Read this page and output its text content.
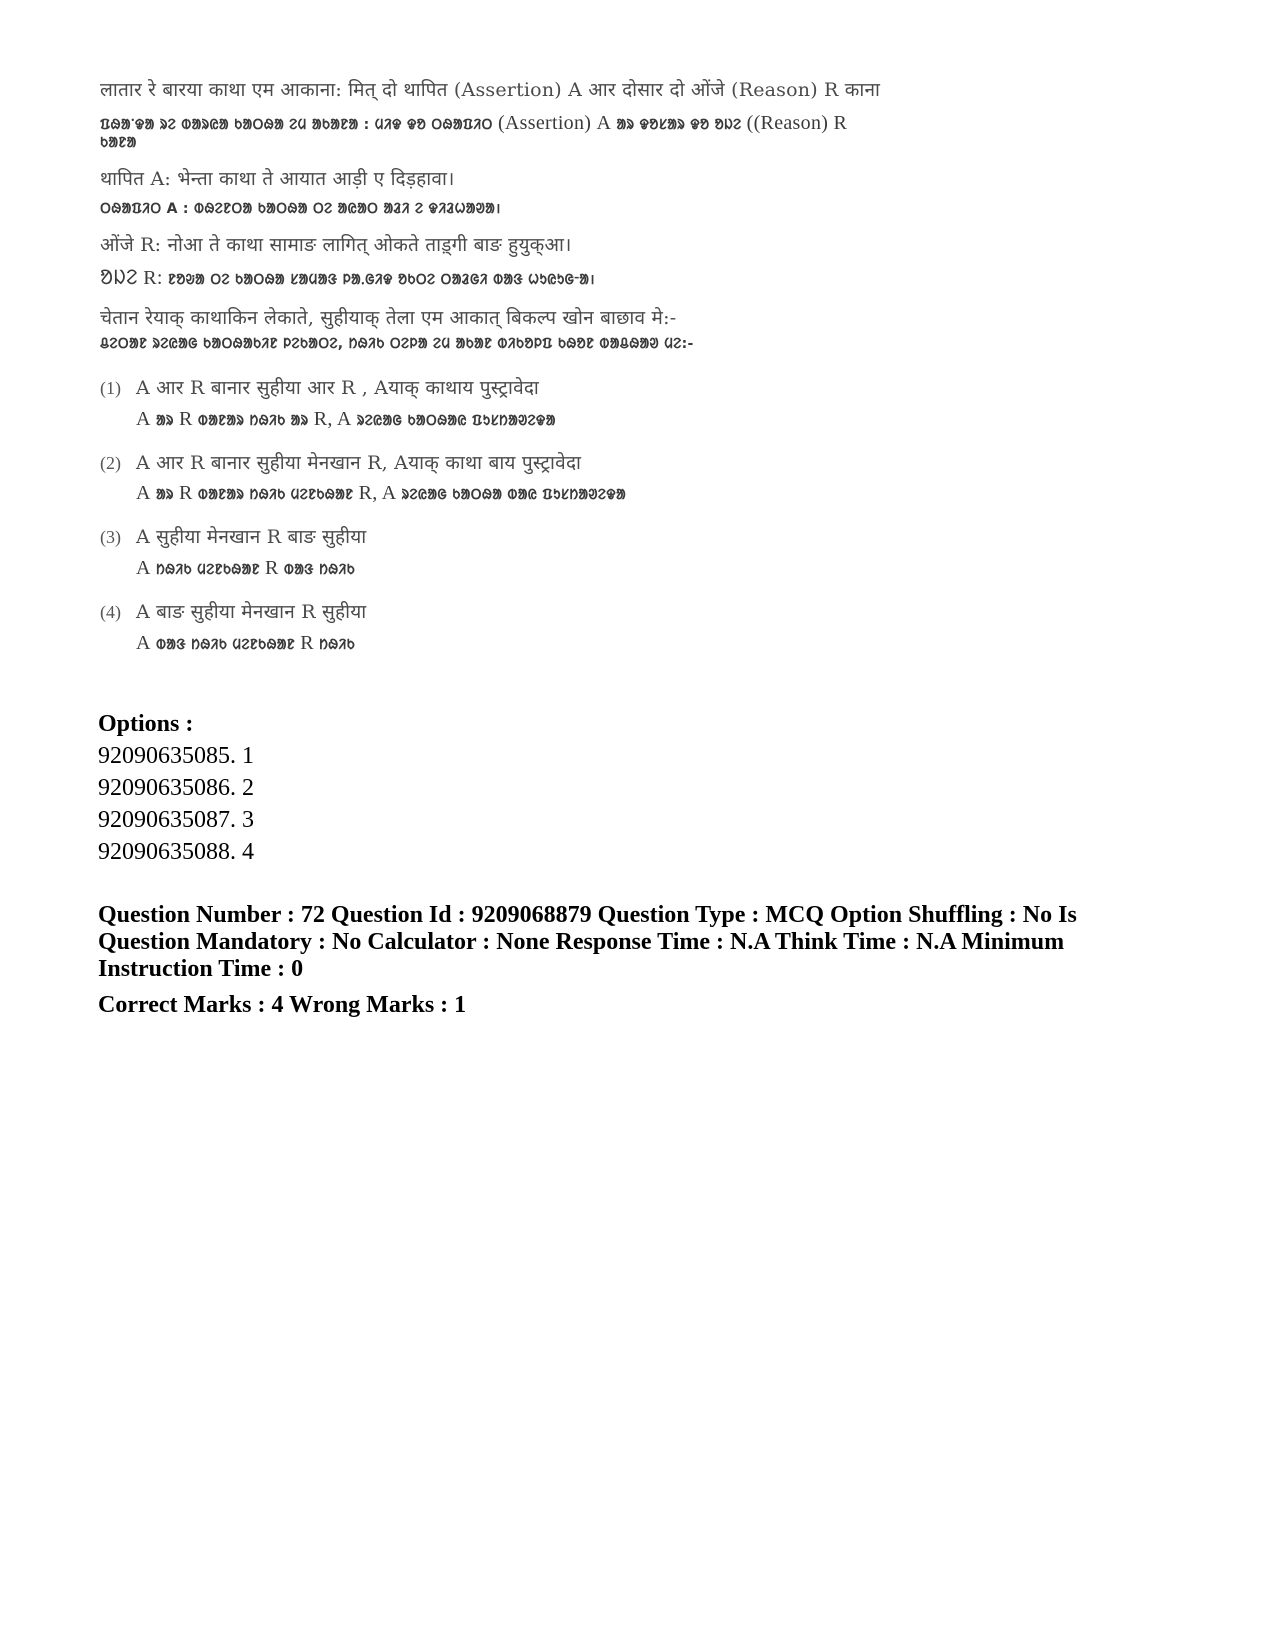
लातार रे बारया काथा एम आकाना: मित् दो थापित (Assertion) A आर दोसार दो ओंजे (Reason) R काना
ᱯᱷᱟᱸᱫᱟ ᱨᱮ ᱵᱟᱨᱭᱟ ᱠᱟᱛᱷᱟ ᱮᱢ ᱟᱠᱟᱱᱟ : ᱢᱤᱫ ᱫᱚ ᱛᱷᱟᱯᱤᱛ (Assertion) A ᱟᱨ ᱫᱚᱥᱟᱨ ᱫᱚ ᱚᱡᱮ ((Reason) R
ᱠᱟᱱᱟ
थापित A: भेन्ता काथा ते आयात आड़ी ए दिड़हावा।
ᱛᱷᱟᱯᱤᱛ A : ᱵᱷᱮᱱᱛᱟ ᱠᱟᱛᱷᱟ ᱛᱮ ᱟᱭᱟᱛ ᱟᱲᱤ ᱮ ᱫᱤᱲᱦᱟᱣᱟ।
ओंजे R: नोआ ते काथा सामाङ लागित् ओकते ताड़्गी बाङ हुयुक्आ।
ᱚᱡᱮ R: ᱱᱚᱶᱟ ᱛᱮ ᱠᱟᱛᱷᱟ ᱥᱟᱢᱟᱝ ᱞᱟᱹᱜᱤᱫ ᱚᱠᱛᱮ ᱛᱟᱲᱜᱤ ᱵᱟᱝ ᱦᱩᱭᱩᱜᱼᱟ।
चेतान रेयाक् काथाकिन लेकाते, सुहीयाक् तेला एम आकात् बिकल्प खोन बाछाव मे:-
ᱪᱮᱛᱟᱱ ᱨᱮᱭᱟᱜ ᱠᱟᱛᱷᱟᱠᱤᱱ ᱞᱮᱠᱟᱛᱮ, ᱴᱷᱤᱠ ᱛᱮᱞᱟ ᱮᱢ ᱟᱠᱟᱱ ᱵᱤᱠᱚᱞᱯ ᱠᱷᱚᱱ ᱵᱟᱪᱷᱟᱣ ᱢᱮ:-
(1) A आर R बानार सुहीया आर R , Aयाक् काथाय पुस्ट्रावेदा
A ᱟᱨ R ᱵᱟᱱᱟᱨ ᱴᱷᱤᱠ ᱟᱨ R, A ᱨᱮᱭᱟᱜ ᱠᱟᱛᱷᱟᱭ ᱯᱩᱥᱴᱟᱣᱮᱫᱟ
(2) A आर R बानार सुहीया मेनखान R, Aयाक् काथा बाय पुस्ट्रावेदा
A ᱟᱨ R ᱵᱟᱱᱟᱨ ᱴᱷᱤᱠ ᱢᱮᱱᱠᱷᱟᱱ R, A ᱨᱮᱭᱟᱜ ᱠᱟᱛᱷᱟ ᱵᱟᱭ ᱯᱩᱥᱴᱟᱣᱮᱫᱟ
(3) A सुहीया मेनखान R बाङ सुहीया
A ᱴᱷᱤᱠ ᱢᱮᱱᱠᱷᱟᱱ R ᱵᱟᱝ ᱴᱷᱤᱠ
(4) A बाङ सुहीया मेनखान R सुहीया
A ᱵᱟᱝ ᱴᱷᱤᱠ ᱢᱮᱱᱠᱷᱟᱱ R ᱴᱷᱤᱠ
Options :
92090635085. 1
92090635086. 2
92090635087. 3
92090635088. 4
Question Number : 72 Question Id : 9209068879 Question Type : MCQ Option Shuffling : No Is
Question Mandatory : No Calculator : None Response Time : N.A Think Time : N.A Minimum
Instruction Time : 0
Correct Marks : 4 Wrong Marks : 1
